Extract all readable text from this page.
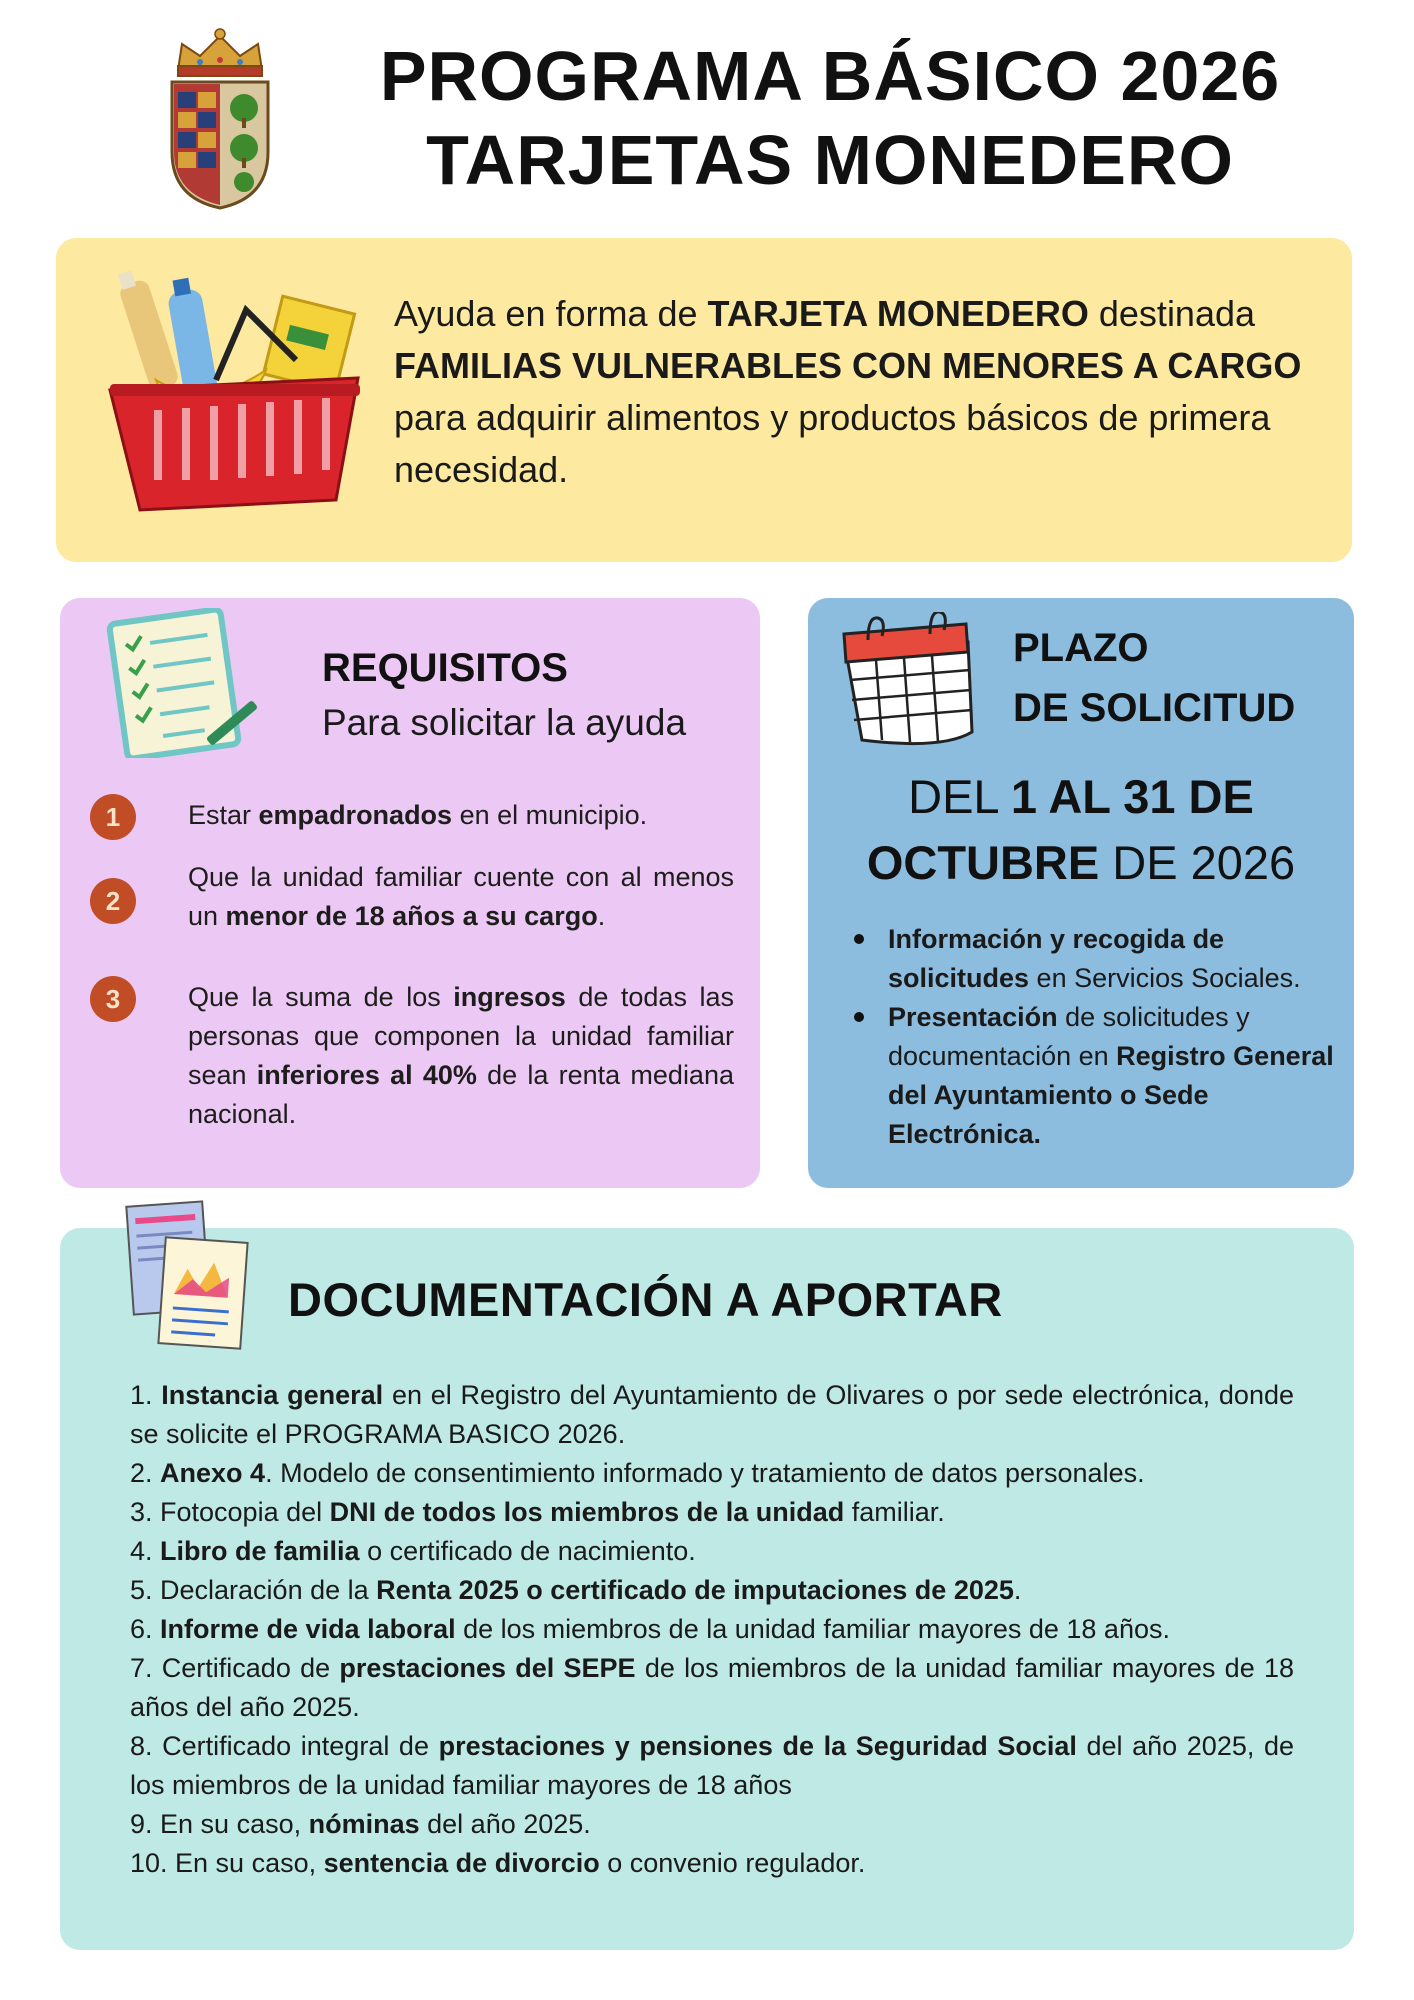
PROGRAMA BÁSICO 2026
TARJETAS MONEDERO
Ayuda en forma de TARJETA MONEDERO destinada FAMILIAS VULNERABLES CON MENORES A CARGO para adquirir alimentos y productos básicos de primera necesidad.
REQUISITOS
Para solicitar la ayuda
1	Estar empadronados en el municipio.
2
Que la unidad familiar cuente con al menos un menor de 18 años a su cargo.
3	Que la suma de los ingresos de todas las personas que componen la unidad familiar sean inferiores al 40% de la renta mediana nacional.
PLAZO
DE SOLICITUD
DEL 1 AL 31 DE
OCTUBRE DE 2026
Información y recogida de solicitudes en Servicios Sociales.
Presentación de solicitudes y documentación en Registro General del Ayuntamiento o Sede Electrónica.
DOCUMENTACIÓN A APORTAR
1. Instancia general en el Registro del Ayuntamiento de Olivares o por sede electrónica, donde se solicite el PROGRAMA BASICO 2026.
2. Anexo 4. Modelo de consentimiento informado y tratamiento de datos personales.
3. Fotocopia del DNI de todos los miembros de la unidad familiar.
4. Libro de familia o certificado de nacimiento.
5. Declaración de la Renta 2025 o certificado de imputaciones de 2025.
6. Informe de vida laboral de los miembros de la unidad familiar mayores de 18 años.
7. Certificado de prestaciones del SEPE de los miembros de la unidad familiar mayores de 18 años del año 2025.
8. Certificado integral de prestaciones y pensiones de la Seguridad Social del año 2025, de los miembros de la unidad familiar mayores de 18 años
9. En su caso, nóminas del año 2025.
10. En su caso, sentencia de divorcio o convenio regulador.
